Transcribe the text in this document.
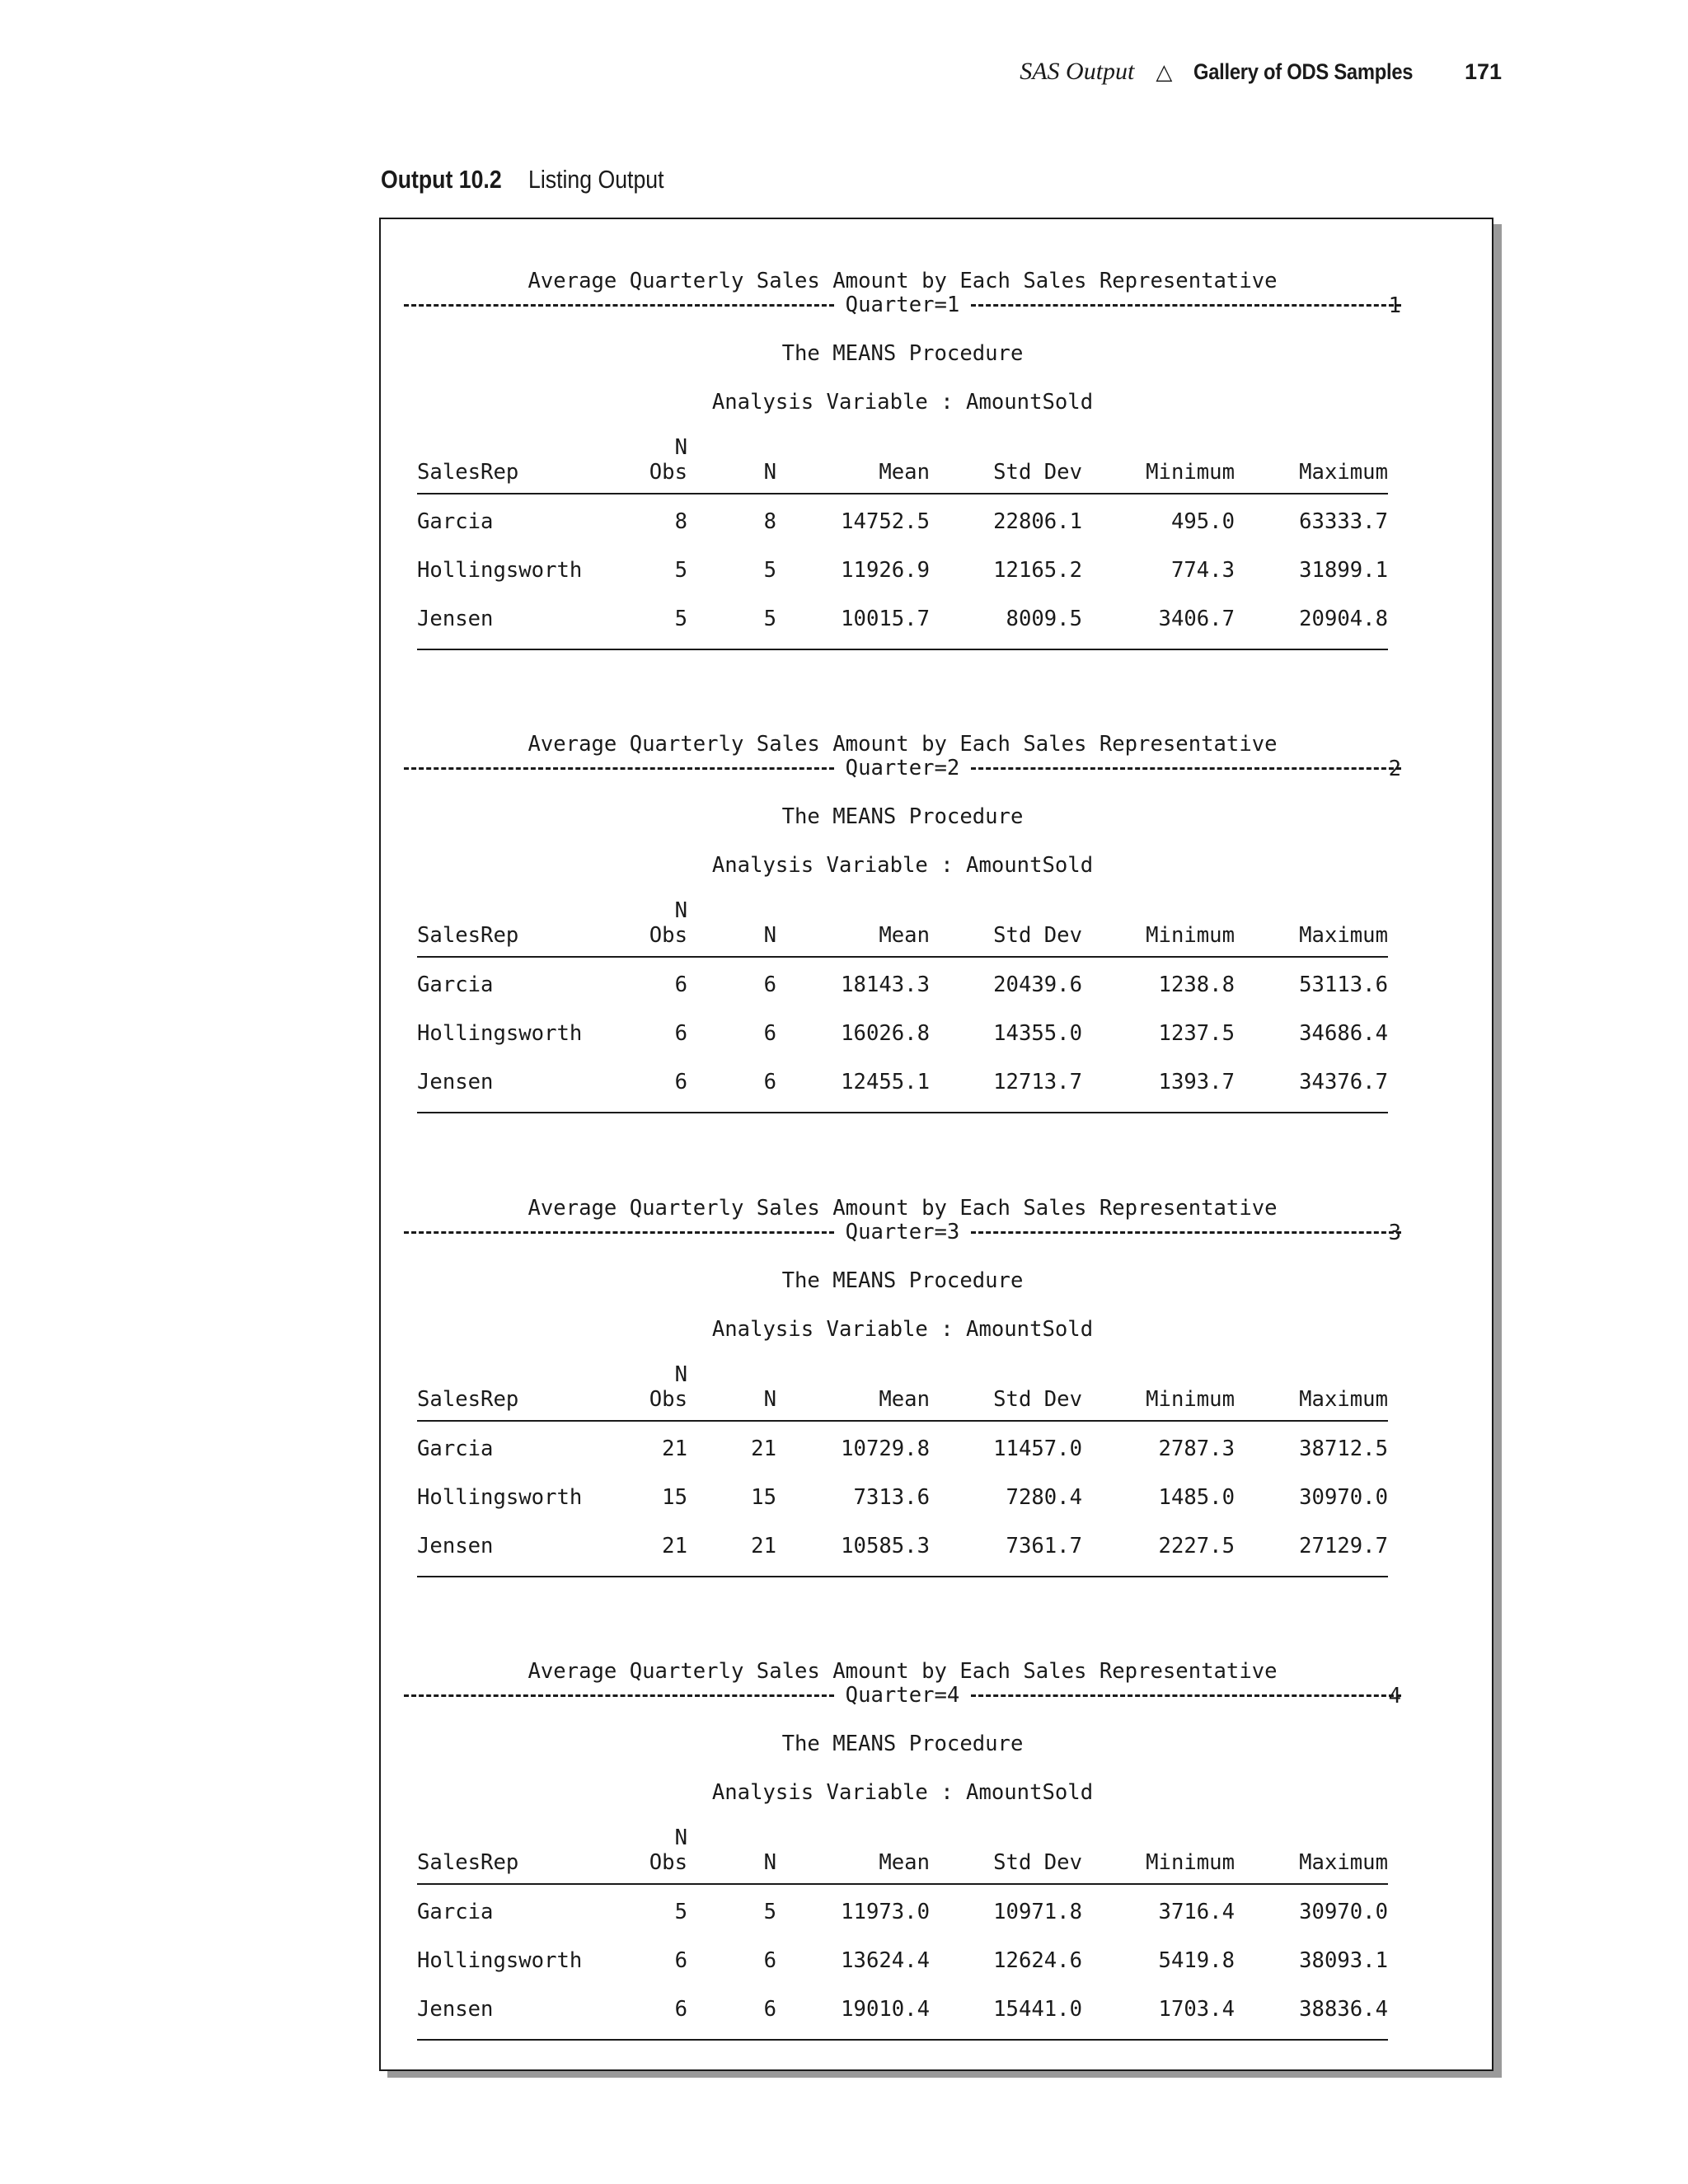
SAS Output △ Gallery of ODS Samples 171
Output 10.2 Listing Output

Average Quarterly Sales Amount by Each Sales Representative

1

Quarter=1
The MEANS Procedure
Analysis Variable : AmountSold
N
SalesRep	Obs	N	Mean	Std Dev	Minimum	Maximum
Garcia	8	8	14752.5	22806.1	495.0	63333.7
Hollingsworth	5	5	11926.9	12165.2	774.3	31899.1
Jensen	5	5	10015.7	8009.5	3406.7	20904.8

Average Quarterly Sales Amount by Each Sales Representative

2

Quarter=2
The MEANS Procedure
Analysis Variable : AmountSold
N
SalesRep	Obs	N	Mean	Std Dev	Minimum	Maximum
Garcia	6	6	18143.3	20439.6	1238.8	53113.6
Hollingsworth	6	6	16026.8	14355.0	1237.5	34686.4
Jensen	6	6	12455.1	12713.7	1393.7	34376.7

Average Quarterly Sales Amount by Each Sales Representative

3

Quarter=3
The MEANS Procedure
Analysis Variable : AmountSold
N
SalesRep	Obs	N	Mean	Std Dev	Minimum	Maximum
Garcia	21	21	10729.8	11457.0	2787.3	38712.5
Hollingsworth	15	15	7313.6	7280.4	1485.0	30970.0
Jensen	21	21	10585.3	7361.7	2227.5	27129.7

Average Quarterly Sales Amount by Each Sales Representative

4

Quarter=4
The MEANS Procedure
Analysis Variable : AmountSold
N
SalesRep	Obs	N	Mean	Std Dev	Minimum	Maximum
Garcia	5	5	11973.0	10971.8	3716.4	30970.0
Hollingsworth	6	6	13624.4	12624.6	5419.8	38093.1
Jensen	6	6	19010.4	15441.0	1703.4	38836.4
